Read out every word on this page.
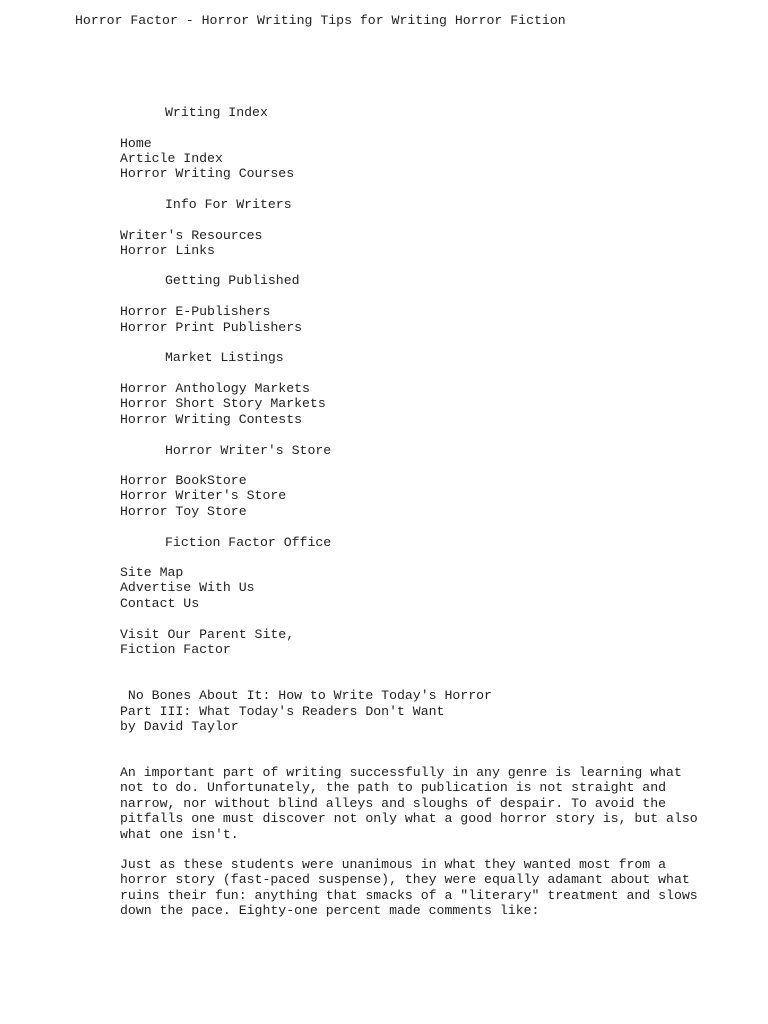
Horror Factor - Horror Writing Tips for Writing Horror Fiction
Writing Index
Home
Article Index
Horror Writing Courses
Info For Writers
Writer's Resources
Horror Links
Getting Published
Horror E-Publishers
Horror Print Publishers
Market Listings
Horror Anthology Markets
Horror Short Story Markets
Horror Writing Contests
Horror Writer's Store
Horror BookStore
Horror Writer's Store
Horror Toy Store
Fiction Factor Office
Site Map
Advertise With Us
Contact Us
Visit Our Parent Site,
Fiction Factor
No Bones About It: How to Write Today's Horror
Part III: What Today's Readers Don't Want
by David Taylor
An important part of writing successfully in any genre is learning what
not to do. Unfortunately, the path to publication is not straight and
narrow, nor without blind alleys and sloughs of despair. To avoid the
pitfalls one must discover not only what a good horror story is, but also
what one isn't.
Just as these students were unanimous in what they wanted most from a
horror story (fast-paced suspense), they were equally adamant about what
ruins their fun: anything that smacks of a "literary" treatment and slows
down the pace. Eighty-one percent made comments like:
